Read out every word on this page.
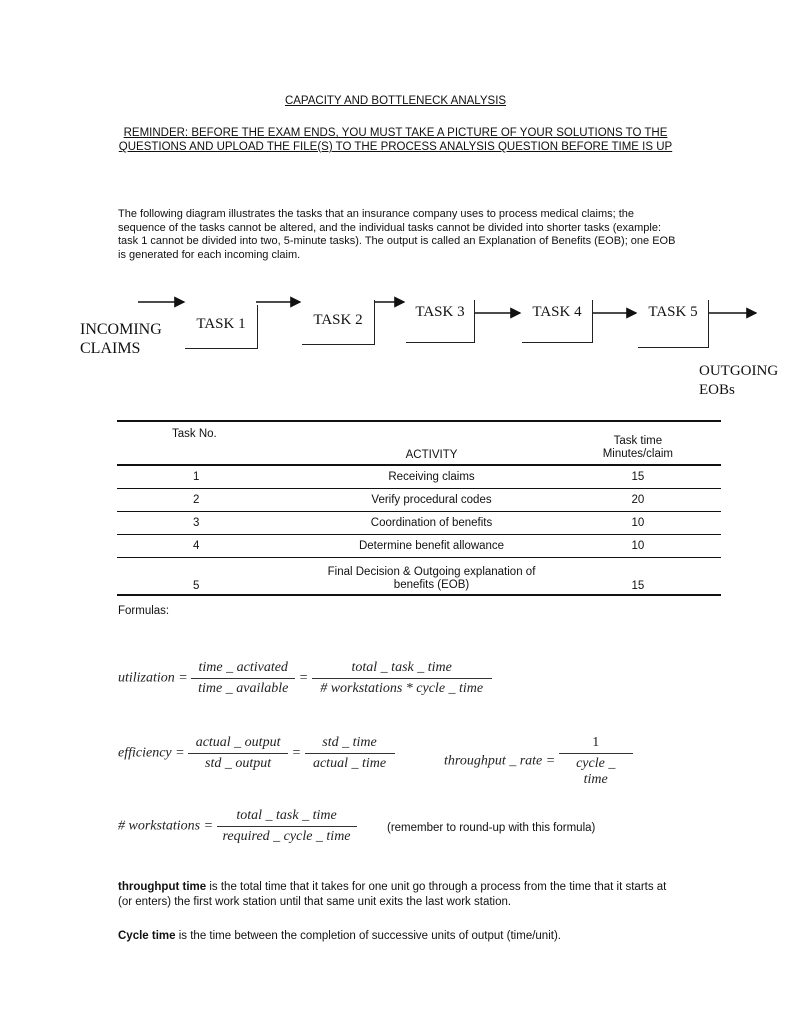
CAPACITY AND BOTTLENECK ANALYSIS
REMINDER: BEFORE THE EXAM ENDS, YOU MUST TAKE A PICTURE OF YOUR SOLUTIONS TO THE QUESTIONS AND UPLOAD THE FILE(S) TO THE PROCESS ANALYSIS QUESTION BEFORE TIME IS UP
The following diagram illustrates the tasks that an insurance company uses to process medical claims; the sequence of the tasks cannot be altered, and the individual tasks cannot be divided into shorter tasks (example: task 1 cannot be divided into two, 5-minute tasks). The output is called an Explanation of Benefits (EOB); one EOB is generated for each incoming claim.
TASK 1	TASK 2	TASK 3	TASK 4	TASK 5
INCOMING
CLAIMS
OUTGOING
EOBs
Task No.	ACTIVITY	Task time Minutes/claim

1	Receiving claims	15
2	Verify procedural codes	20
3	Coordination of benefits	10
4	Determine benefit allowance	10
5	Final Decision & Outgoing explanation of benefits (EOB)	15
Formulas:
utilization = $\frac{\text{time \_ activated}}{\text{time \_ available}} = \frac{\text{total \_ task \_ time}}{\text{\# workstations * cycle \_ time}}$
efficiency = $\frac{\text{actual \_ output}}{\text{std \_ output}} = \frac{\text{std \_ time}}{\text{actual \_ time}}$	throughput _ rate = $\frac{1}{\text{cycle \_ time}}$
# workstations = $\frac{\text{total \_ task \_ time}}{\text{required \_ cycle \_ time}}$	(remember to round-up with this formula)
throughput time is the total time that it takes for one unit go through a process from the time that it starts at (or enters) the first work station until that same unit exits the last work station.
Cycle time is the time between the completion of successive units of output (time/unit).
